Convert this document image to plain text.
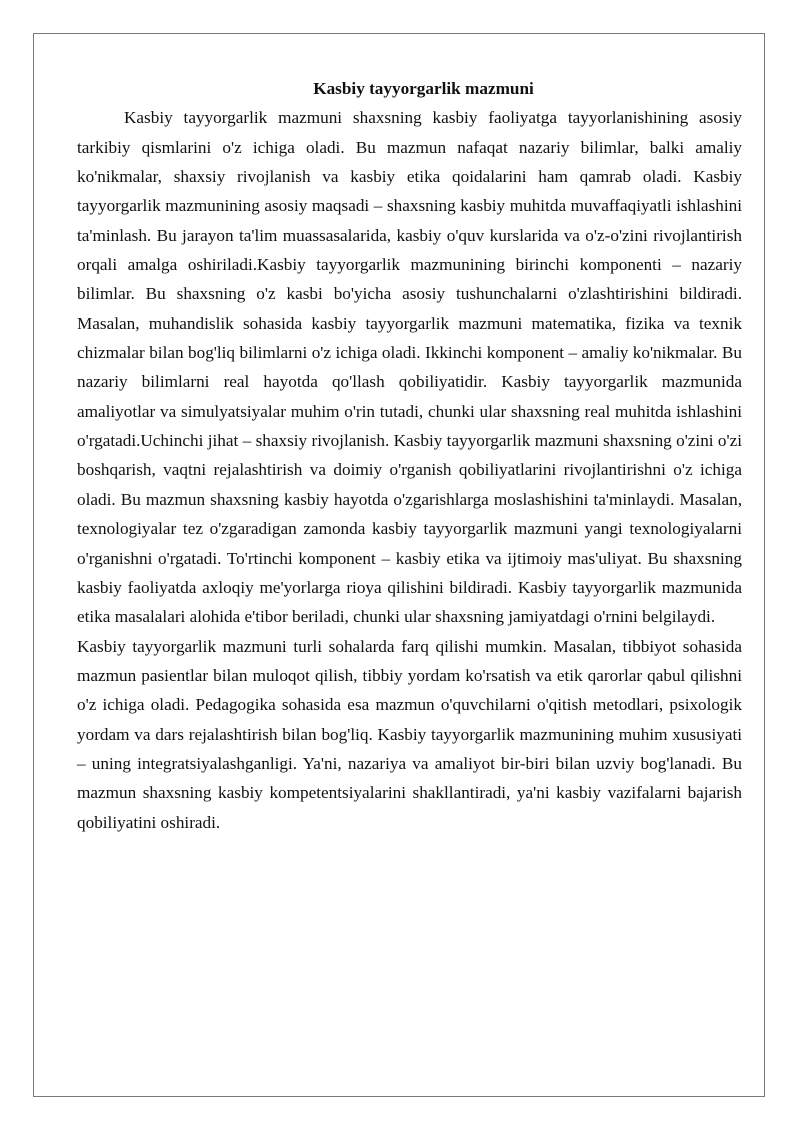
Kasbiy tayyorgarlik mazmuni

Kasbiy tayyorgarlik mazmuni shaxsning kasbiy faoliyatga tayyorlanishining asosiy tarkibiy qismlarini o'z ichiga oladi. Bu mazmun nafaqat nazariy bilimlar, balki amaliy ko'nikmalar, shaxsiy rivojlanish va kasbiy etika qoidalarini ham qamrab oladi. Kasbiy tayyorgarlik mazmunining asosiy maqsadi – shaxsning kasbiy muhitda muvaffaqiyatli ishlashini ta'minlash. Bu jarayon ta'lim muassasalarida, kasbiy o'quv kurslarida va o'z-o'zini rivojlantirish orqali amalga oshiriladi.Kasbiy tayyorgarlik mazmunining birinchi komponenti – nazariy bilimlar. Bu shaxsning o'z kasbi bo'yicha asosiy tushunchalarni o'zlashtirishini bildiradi. Masalan, muhandislik sohasida kasbiy tayyorgarlik mazmuni matematika, fizika va texnik chizmalar bilan bog'liq bilimlarni o'z ichiga oladi. Ikkinchi komponent – amaliy ko'nikmalar. Bu nazariy bilimlarni real hayotda qo'llash qobiliyatidir. Kasbiy tayyorgarlik mazmunida amaliyotlar va simulyatsiyalar muhim o'rin tutadi, chunki ular shaxsning real muhitda ishlashini o'rgatadi.Uchinchi jihat – shaxsiy rivojlanish. Kasbiy tayyorgarlik mazmuni shaxsning o'zini o'zi boshqarish, vaqtni rejalashtirish va doimiy o'rganish qobiliyatlarini rivojlantirishni o'z ichiga oladi. Bu mazmun shaxsning kasbiy hayotda o'zgarishlarga moslashishini ta'minlaydi. Masalan, texnologiyalar tez o'zgaradigan zamonda kasbiy tayyorgarlik mazmuni yangi texnologiyalarni o'rganishni o'rgatadi. To'rtinchi komponent – kasbiy etika va ijtimoiy mas'uliyat. Bu shaxsning kasbiy faoliyatda axloqiy me'yorlarga rioya qilishini bildiradi. Kasbiy tayyorgarlik mazmunida etika masalalari alohida e'tibor beriladi, chunki ular shaxsning jamiyatdagi o'rnini belgilaydi.

Kasbiy tayyorgarlik mazmuni turli sohalarda farq qilishi mumkin. Masalan, tibbiyot sohasida mazmun pasientlar bilan muloqot qilish, tibbiy yordam ko'rsatish va etik qarorlar qabul qilishni o'z ichiga oladi. Pedagogika sohasida esa mazmun o'quvchilarni o'qitish metodlari, psixologik yordam va dars rejalashtirish bilan bog'liq. Kasbiy tayyorgarlik mazmunining muhim xususiyati – uning integratsiyalashganligi. Ya'ni, nazariya va amaliyot bir-biri bilan uzviy bog'lanadi. Bu mazmun shaxsning kasbiy kompetentsiyalarini shakllantiradi, ya'ni kasbiy vazifalarni bajarish qobiliyatini oshiradi.
